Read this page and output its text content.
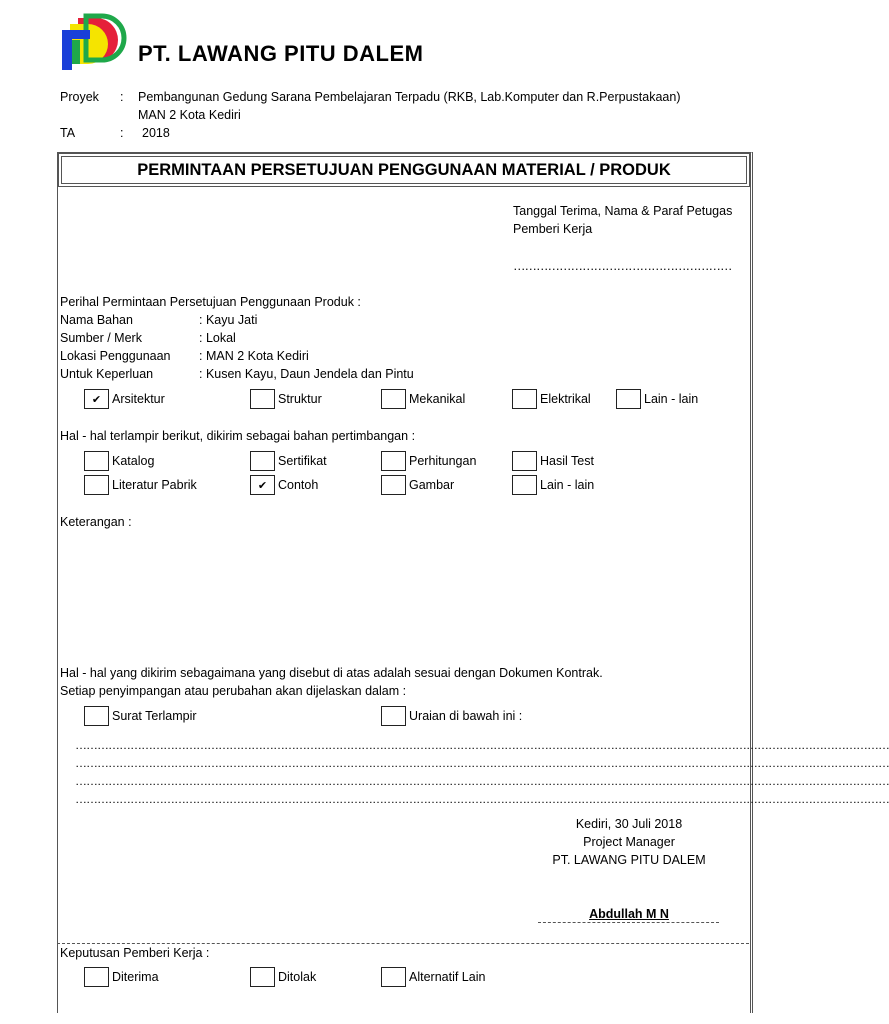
PT. LAWANG PITU DALEM
Proyek : Pembangunan Gedung Sarana Pembelajaran Terpadu (RKB, Lab.Komputer dan R.Perpustakaan)
MAN 2 Kota Kediri
TA	: 2018
PERMINTAAN PERSETUJUAN PENGGUNAAN MATERIAL / PRODUK
Tanggal Terima, Nama & Paraf Petugas
Pemberi Kerja
…………………………………………………
Perihal Permintaan Persetujuan Penggunaan Produk :
Nama Bahan	: Kayu Jati
Sumber / Merk	: Lokal
Lokasi Penggunaan : MAN 2 Kota Kediri
Untuk Keperluan	: Kusen Kayu, Daun Jendela dan Pintu
✔ Arsitektur	Struktur	Mekanikal	Elektrikal	Lain - lain
Hal - hal terlampir berikut, dikirim sebagai bahan pertimbangan :
Katalog	Sertifikat	Perhitungan	Hasil Test
Literatur Pabrik	✔ Contoh	Gambar	Lain - lain
Keterangan :
Hal - hal yang dikirim sebagaimana yang disebut di atas adalah sesuai dengan Dokumen Kontrak.
Setiap penyimpangan atau perubahan akan dijelaskan dalam :
Surat Terlampir	Uraian di bawah ini :
……………………………………………………………………………………………………………………………………………………………………………………………………
……………………………………………………………………………………………………………………………………………………………………………………………………
……………………………………………………………………………………………………………………………………………………………………………………………………
……………………………………………………………………………………………………………………………………………………………………………………………………
Kediri, 30 Juli 2018
Project Manager
PT. LAWANG PITU DALEM
Abdullah M N
Keputusan Pemberi Kerja :
Diterima	Ditolak	Alternatif Lain
